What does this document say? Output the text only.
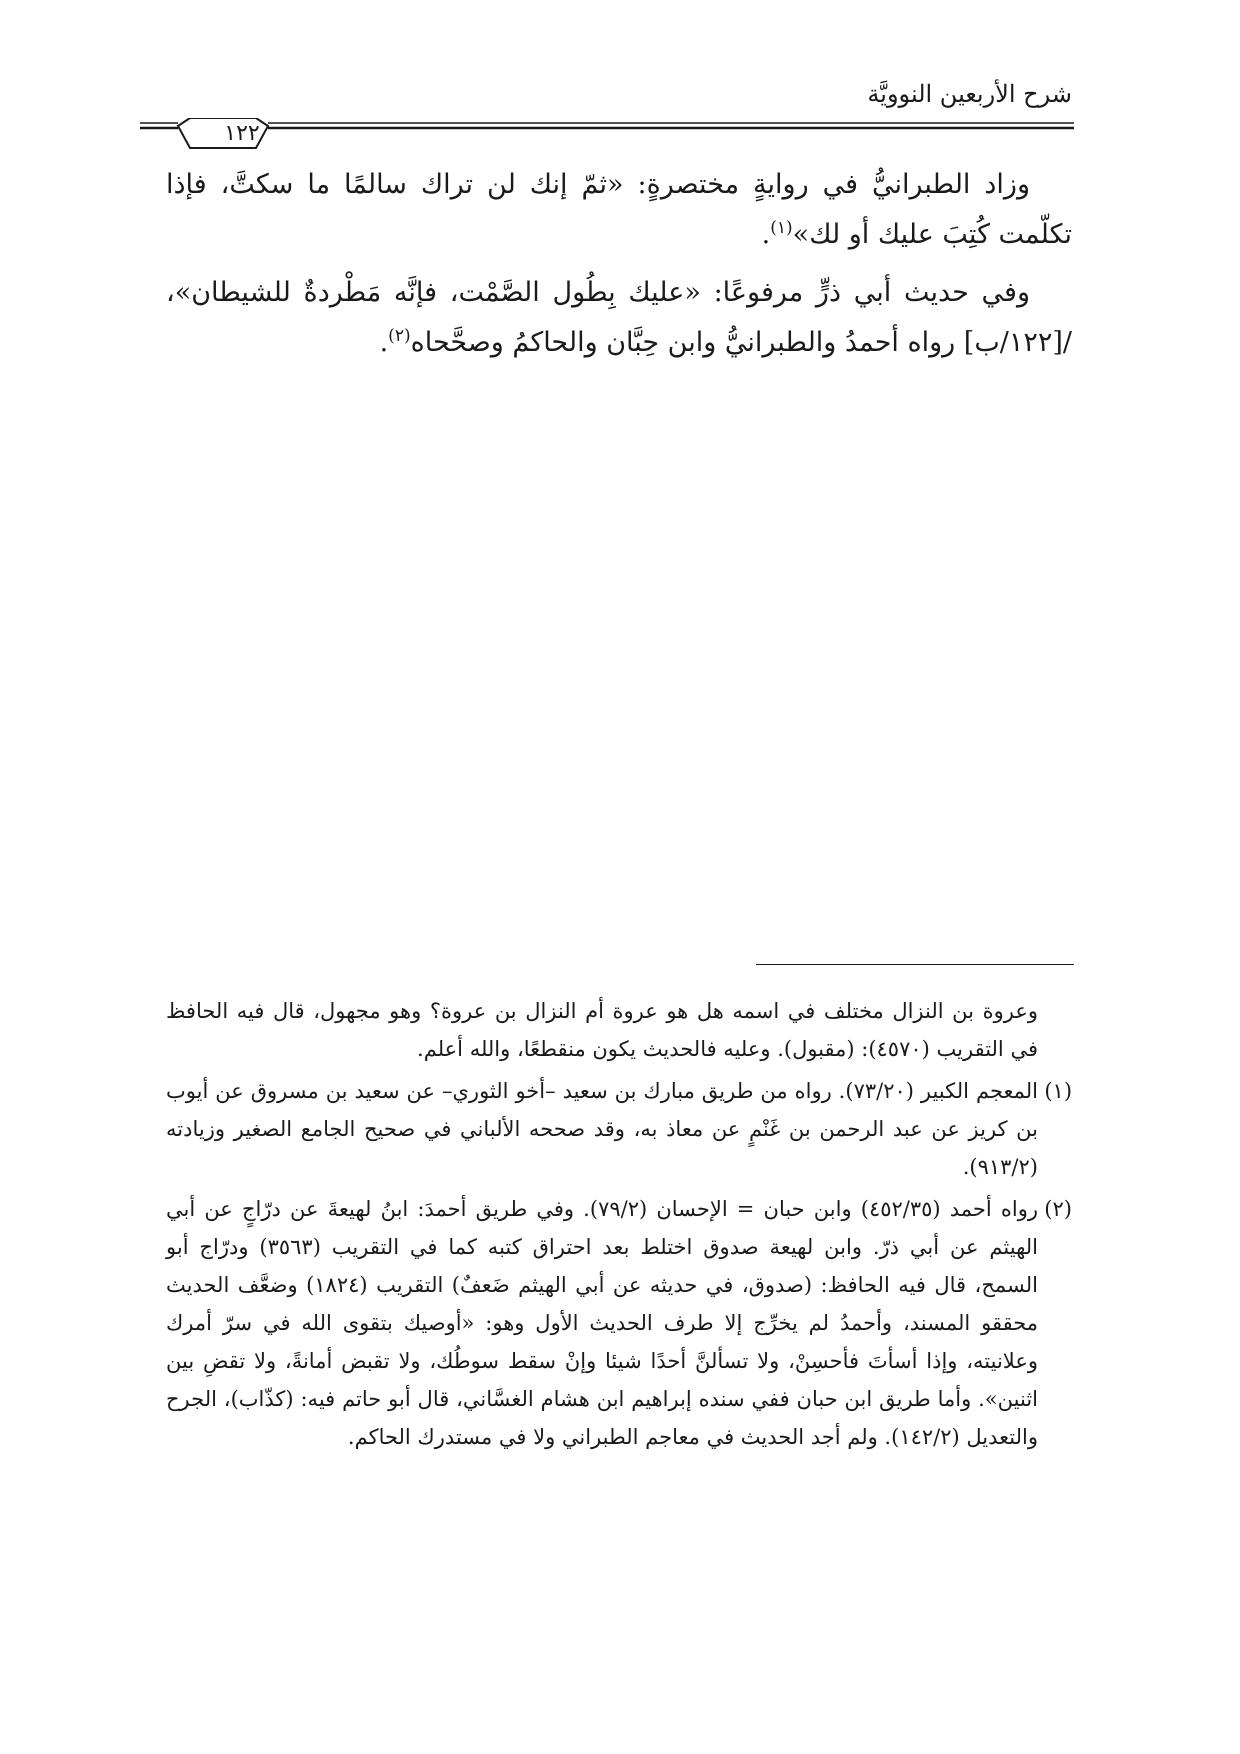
شرح الأربعين النوويَّة
١٢٢

وزاد الطبرانيُّ في روايةٍ مختصرةٍ: «ثمّ إنك لن تراك سالمًا ما سكتَّ، فإذا تكلّمت كُتِبَ عليك أو لك»$^{(١)}$.

وفي حديث أبي ذرٍّ مرفوعًا: «عليك بِطُول الصَّمْت، فإنَّه مَطْردةٌ للشيطان»، /[١٢٢/ب] رواه أحمدُ والطبرانيُّ وابن حِبَّان والحاكمُ وصحَّحاه$^{(٢)}$.

وعروة بن النزال مختلف في اسمه هل هو عروة أم النزال بن عروة؟ وهو مجهول، قال فيه الحافظ في التقريب (٤٥٧٠): (مقبول). وعليه فالحديث يكون منقطعًا، والله أعلم.

(١)المعجم الكبير (٧٣/٢٠). رواه من طريق مبارك بن سعيد –أخو الثوري– عن سعيد بن مسروق عن أيوب بن كريز عن عبد الرحمن بن غَنْمٍ عن معاذ به، وقد صححه الألباني في صحيح الجامع الصغير وزيادته (٩١٣/٢).

(٢)رواه أحمد (٤٥٢/٣٥) وابن حبان = الإحسان (٧٩/٢). وفي طريق أحمدَ: ابنُ لهيعةَ عن درّاجٍ عن أبي الهيثم عن أبي ذرّ. وابن لهيعة صدوق اختلط بعد احتراق كتبه كما في التقريب (٣٥٦٣) ودرّاج أبو السمح، قال فيه الحافظ: (صدوق، في حديثه عن أبي الهيثم ضَعفٌ) التقريب (١٨٢٤) وضعَّف الحديث محققو المسند، وأحمدُ لم يخرِّج إلا طرف الحديث الأول وهو: «أوصيك بتقوى الله في سرّ أمرك وعلانيته، وإذا أسأتَ فأحسِنْ، ولا تسألنَّ أحدًا شيئا وإنْ سقط سوطُك، ولا تقبض أمانةً، ولا تقضِ بين اثنين». وأما طريق ابن حبان ففي سنده إبراهيم ابن هشام الغسَّاني، قال أبو حاتم فيه: (كذّاب)، الجرح والتعديل (١٤٢/٢). ولم أجد الحديث في معاجم الطبراني ولا في مستدرك الحاكم.
